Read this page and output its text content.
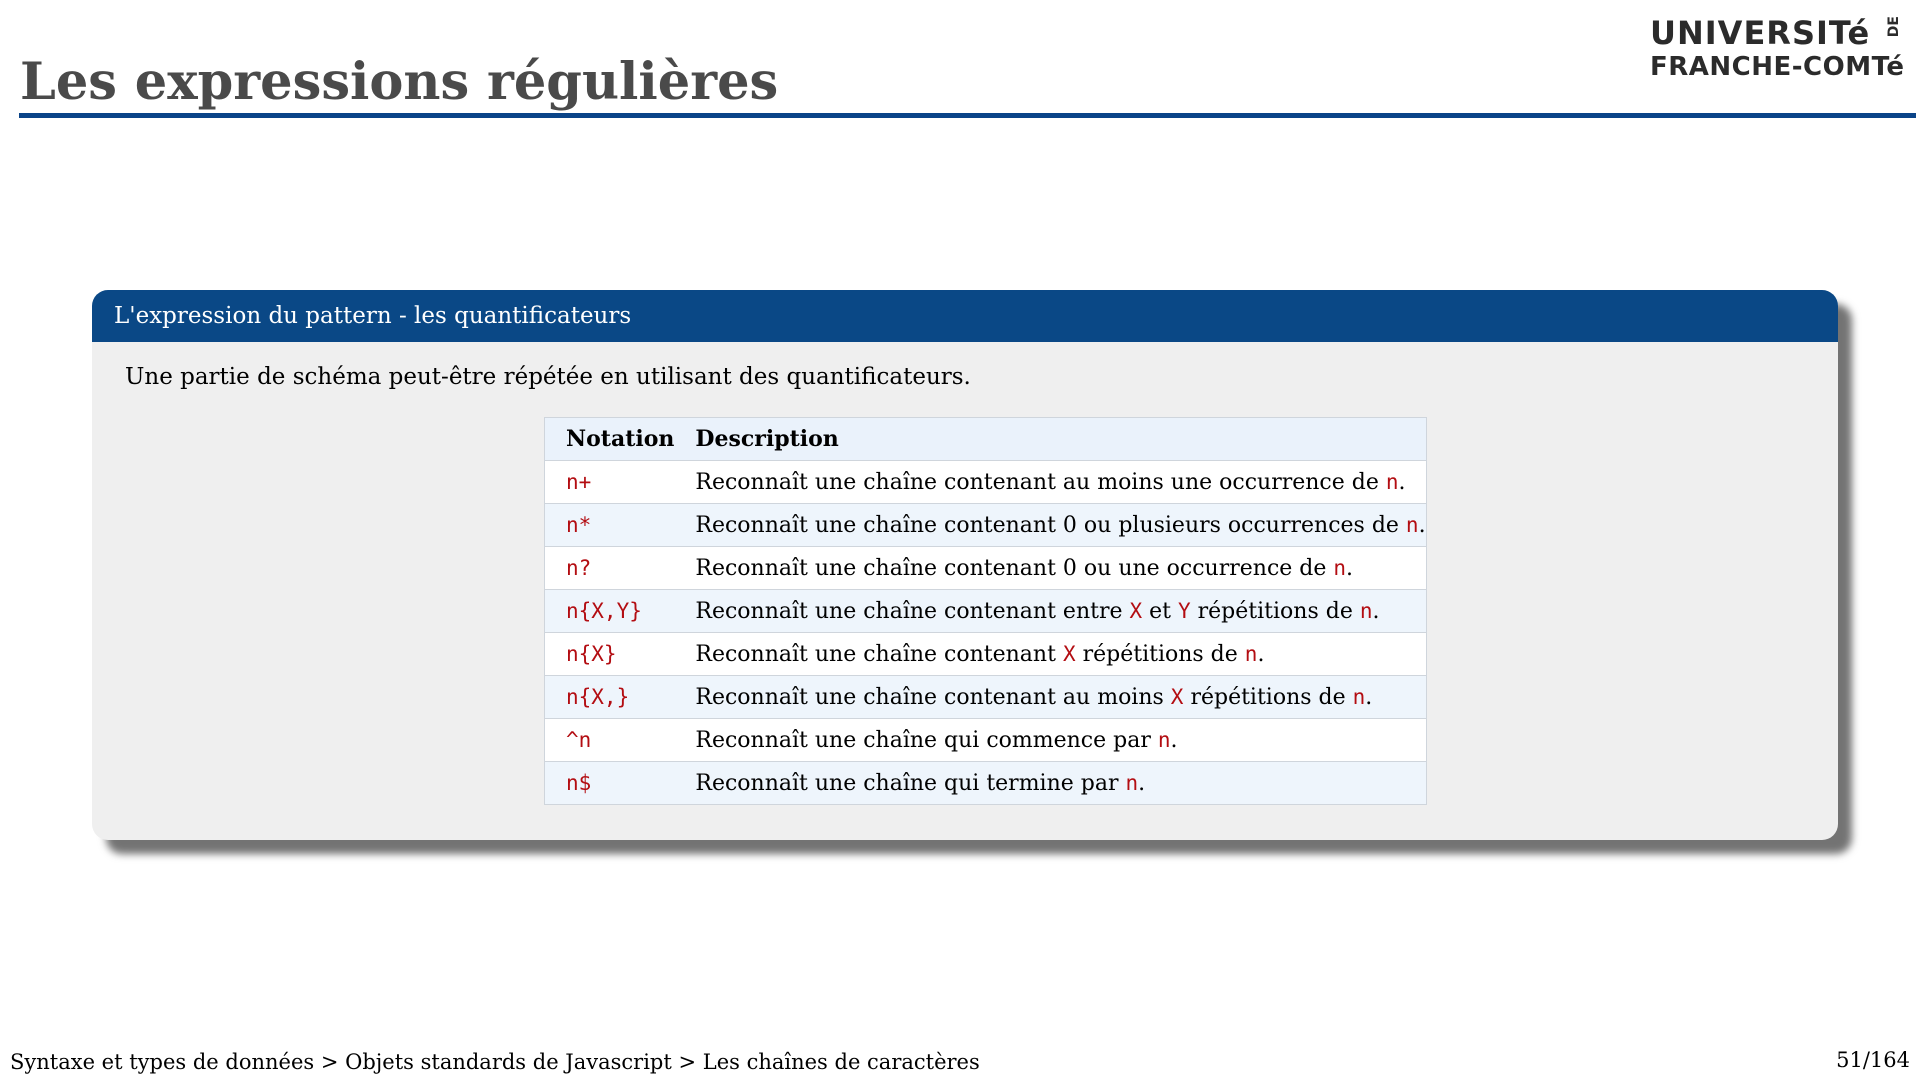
Les expressions régulières
UNIVERSITé
FRANCHE-COMTé
DE
L'expression du pattern - les quantificateurs

Une partie de schéma peut-être répétée en utilisant des quantificateurs.

Notation	Description
n+	Reconnaît une chaîne contenant au moins une occurrence de n.
n*	Reconnaît une chaîne contenant 0 ou plusieurs occurrences de n.
n?	Reconnaît une chaîne contenant 0 ou une occurrence de n.
n{X,Y}	Reconnaît une chaîne contenant entre X et Y répétitions de n.
n{X}	Reconnaît une chaîne contenant X répétitions de n.
n{X,}	Reconnaît une chaîne contenant au moins X répétitions de n.
^n	Reconnaît une chaîne qui commence par n.
n$	Reconnaît une chaîne qui termine par n.
Syntaxe et types de données > Objets standards de Javascript > Les chaînes de caractères	51/164
